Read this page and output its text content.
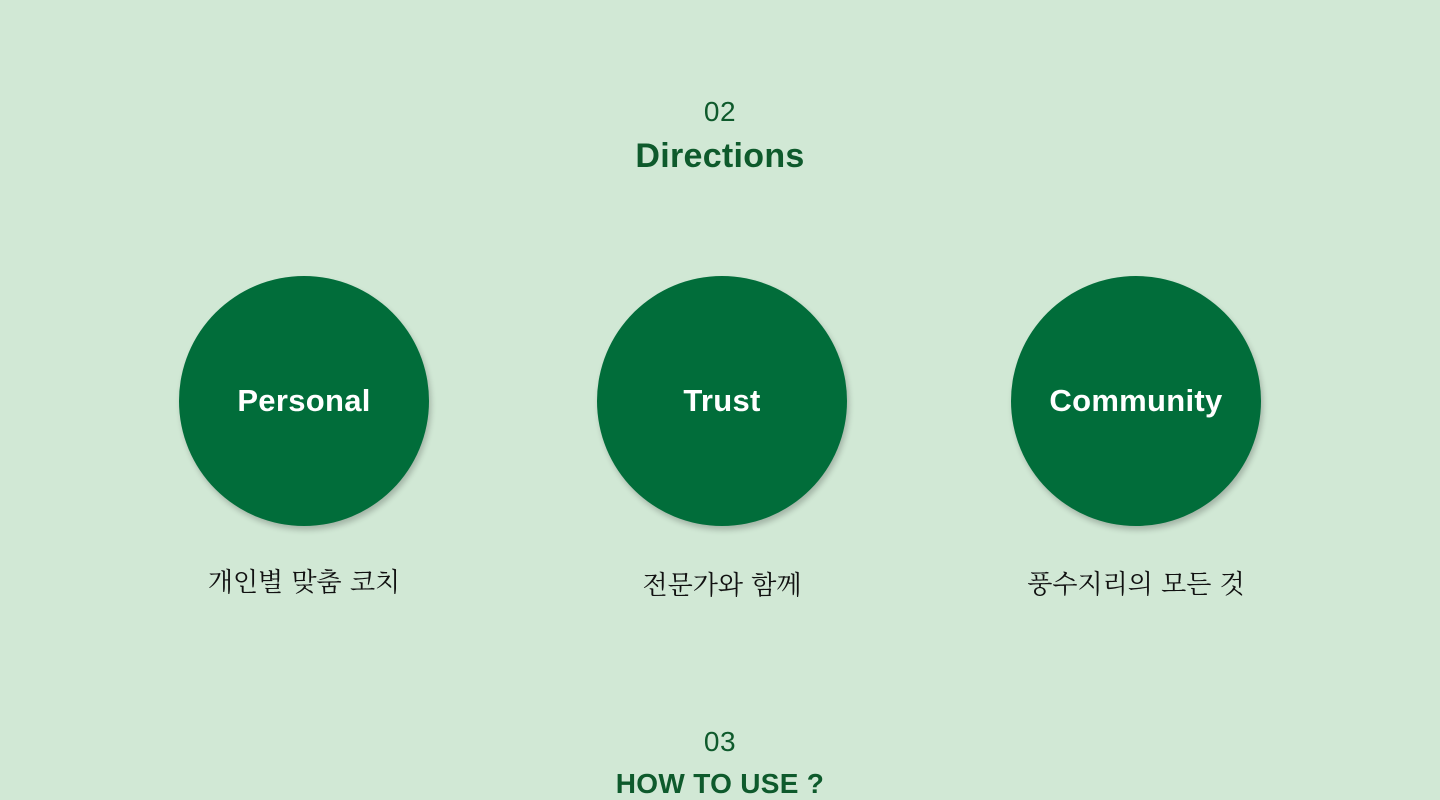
02
Directions
Personal	Trust	Community
개인별 맞춤 코치	전문가와 함께	풍수지리의 모든 것
03
HOW TO USE ?
